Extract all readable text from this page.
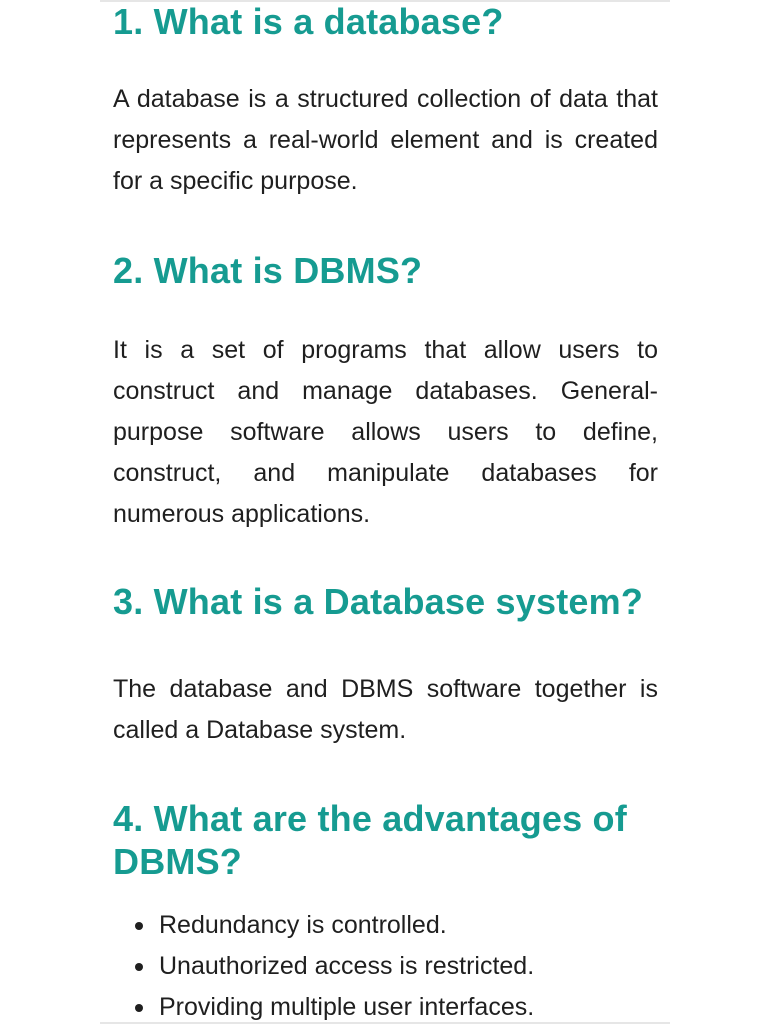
1. What is a database?

A database is a structured collection of data that represents a real-world element and is created for a specific purpose.

2. What is DBMS?

It is a set of programs that allow users to construct and manage databases. General-purpose software allows users to define, construct, and manipulate databases for numerous applications.

3. What is a Database system?

The database and DBMS software together is called a Database system.

4. What are the advantages of DBMS?
Redundancy is controlled.
Unauthorized access is restricted.
Providing multiple user interfaces.
